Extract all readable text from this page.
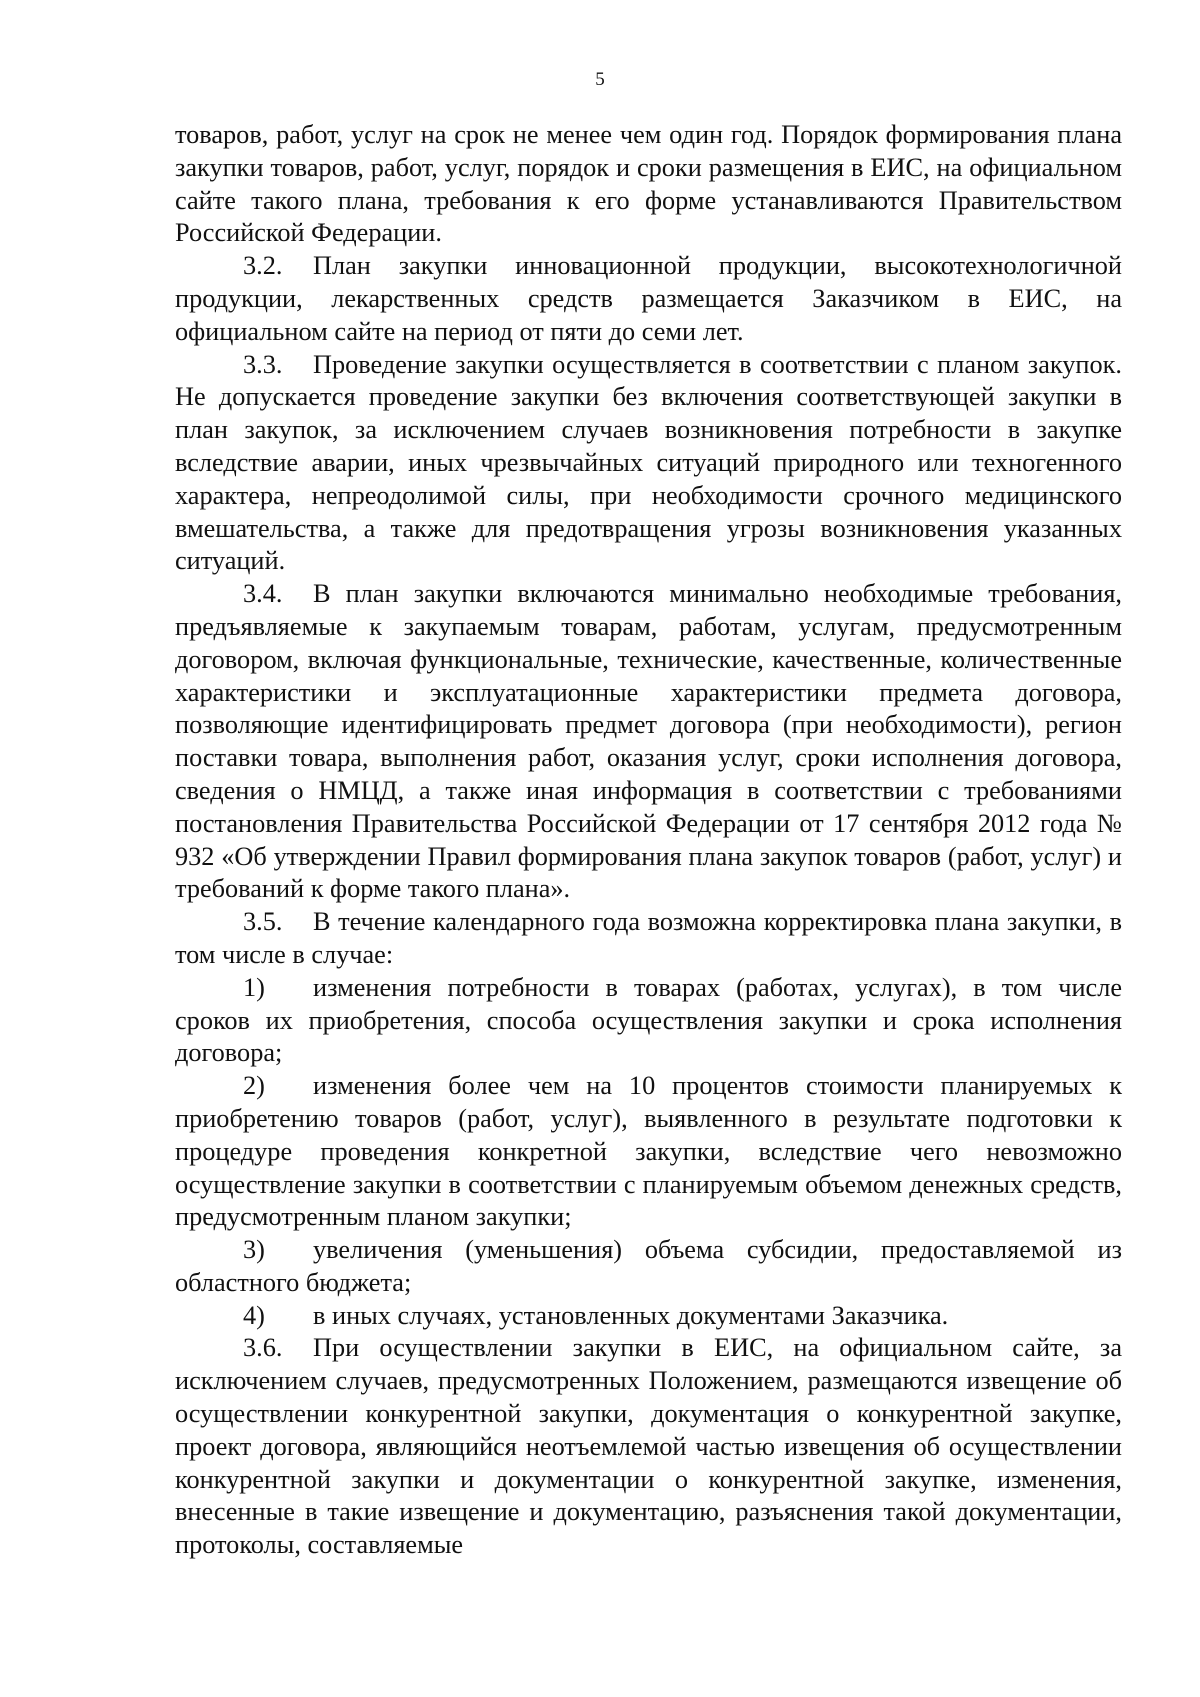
5

товаров, работ, услуг на срок не менее чем один год. Порядок формирования плана закупки товаров, работ, услуг, порядок и сроки размещения в ЕИС, на официальном сайте такого плана, требования к его форме устанавливаются Правительством Российской Федерации.

3.2. План закупки инновационной продукции, высокотехнологичной продукции, лекарственных средств размещается Заказчиком в ЕИС, на официальном сайте на период от пяти до семи лет.

3.3. Проведение закупки осуществляется в соответствии с планом закупок. Не допускается проведение закупки без включения соответствующей закупки в план закупок, за исключением случаев возникновения потребности в закупке вследствие аварии, иных чрезвычайных ситуаций природного или техногенного характера, непреодолимой силы, при необходимости срочного медицинского вмешательства, а также для предотвращения угрозы возникновения указанных ситуаций.

3.4. В план закупки включаются минимально необходимые требования, предъявляемые к закупаемым товарам, работам, услугам, предусмотренным договором, включая функциональные, технические, качественные, количественные характеристики и эксплуатационные характеристики предмета договора, позволяющие идентифицировать предмет договора (при необходимости), регион поставки товара, выполнения работ, оказания услуг, сроки исполнения договора, сведения о НМЦД, а также иная информация в соответствии с требованиями постановления Правительства Российской Федерации от 17 сентября 2012 года № 932 «Об утверждении Правил формирования плана закупок товаров (работ, услуг) и требований к форме такого плана».

3.5. В течение календарного года возможна корректировка плана закупки, в том числе в случае:

1) изменения потребности в товарах (работах, услугах), в том числе сроков их приобретения, способа осуществления закупки и срока исполнения договора;

2) изменения более чем на 10 процентов стоимости планируемых к приобретению товаров (работ, услуг), выявленного в результате подготовки к процедуре проведения конкретной закупки, вследствие чего невозможно осуществление закупки в соответствии с планируемым объемом денежных средств, предусмотренным планом закупки;

3) увеличения (уменьшения) объема субсидии, предоставляемой из областного бюджета;

4) в иных случаях, установленных документами Заказчика.

3.6. При осуществлении закупки в ЕИС, на официальном сайте, за исключением случаев, предусмотренных Положением, размещаются извещение об осуществлении конкурентной закупки, документация о конкурентной закупке, проект договора, являющийся неотъемлемой частью извещения об осуществлении конкурентной закупки и документации о конкурентной закупке, изменения, внесенные в такие извещение и документацию, разъяснения такой документации, протоколы, составляемые
